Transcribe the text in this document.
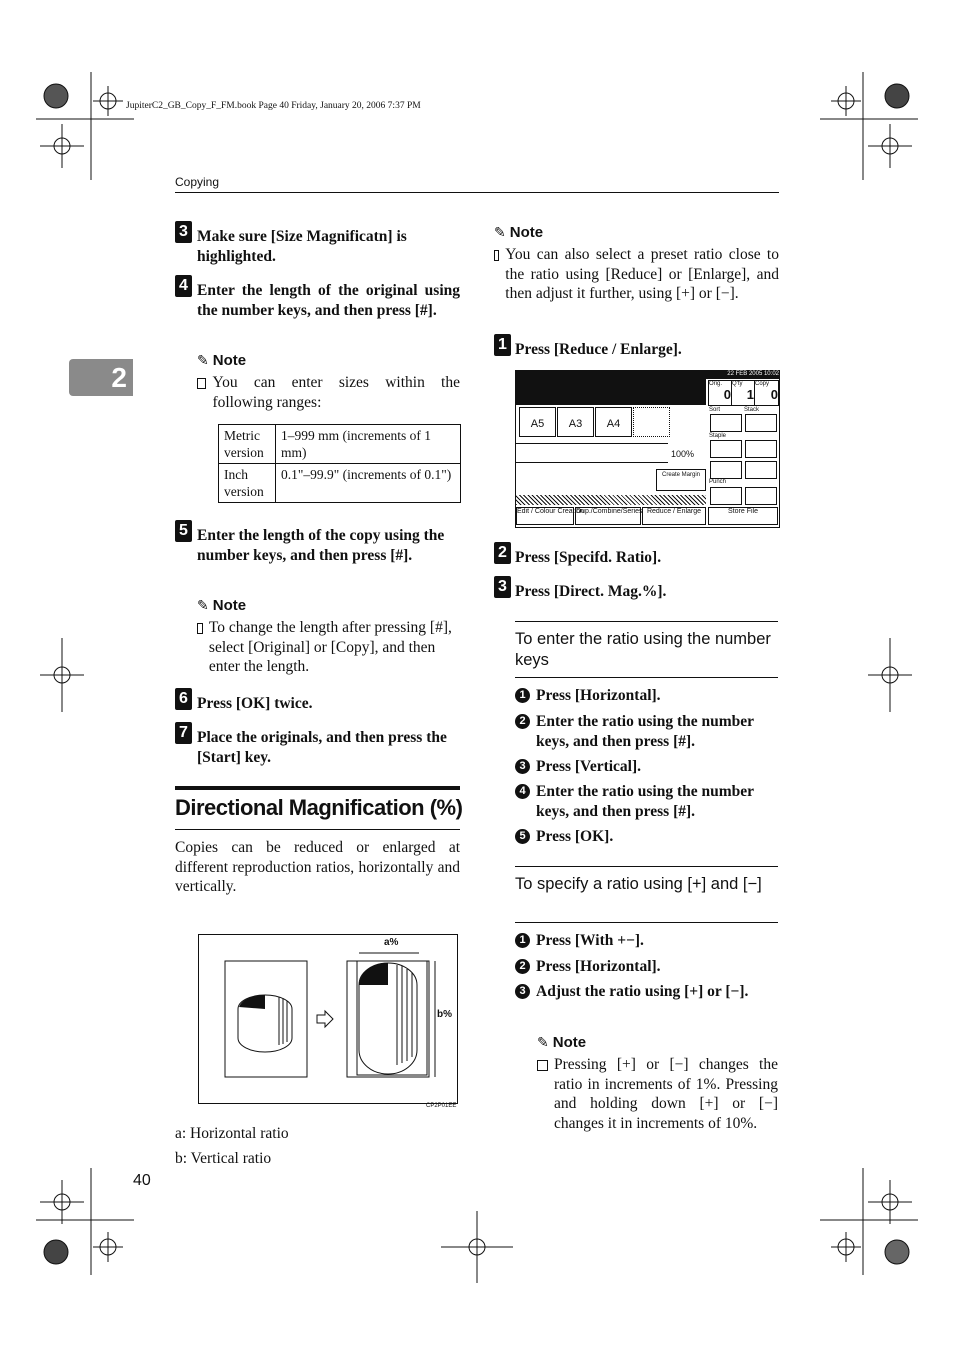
JupiterC2_GB_Copy_F_FM.book Page 40 Friday, January 20, 2006 7:37 PM
Copying
2
3 Make sure [Size Magnificatn] is highlighted.
4 Enter the length of the original using the number keys, and then press [#].
✎ Note
You can enter sizes within the following ranges:
Metric version	1–999 mm (increments of 1 mm)
Inch version	0.1"–99.9" (increments of 0.1")
5 Enter the length of the copy using the number keys, and then press [#].
✎ Note
To change the length after pressing [#], select [Original] or [Copy], and then enter the length.
6 Press [OK] twice.
7 Place the originals, and then press the [Start] key.
Directional Magnification (%)
Copies can be reduced or enlarged at different reproduction ratios, horizontally and vertically.
a%
b%
CP2P01EE
a: Horizontal ratio
b: Vertical ratio
40
✎ Note
You can also select a preset ratio close to the ratio using [Reduce] or [Enlarge], and then adjust it further, using [+] or [−].
1 Press [Reduce / Enlarge].
22 FEB 2005 10:02
Orig.
0
Q'ty
1
Copy
0
A5	A3	A4
100%
Create Margin
Edit / Colour Creation
Dup./Combine/Series Reduce / Enlarge	Store File
Sort	Stack
Staple
Punch
2 Press [Specifd. Ratio].
3 Press [Direct. Mag.%].
To enter the ratio using the number keys
1 Press [Horizontal].
2 Enter the ratio using the number keys, and then press [#].
3 Press [Vertical].
4 Enter the ratio using the number keys, and then press [#].
5 Press [OK].
To specify a ratio using [+] and [−]
1 Press [With +−].
2 Press [Horizontal].
3 Adjust the ratio using [+] or [−].
✎ Note
Pressing [+] or [−] changes the ratio in increments of 1%. Pressing and holding down [+] or [−] changes it in increments of 10%.
